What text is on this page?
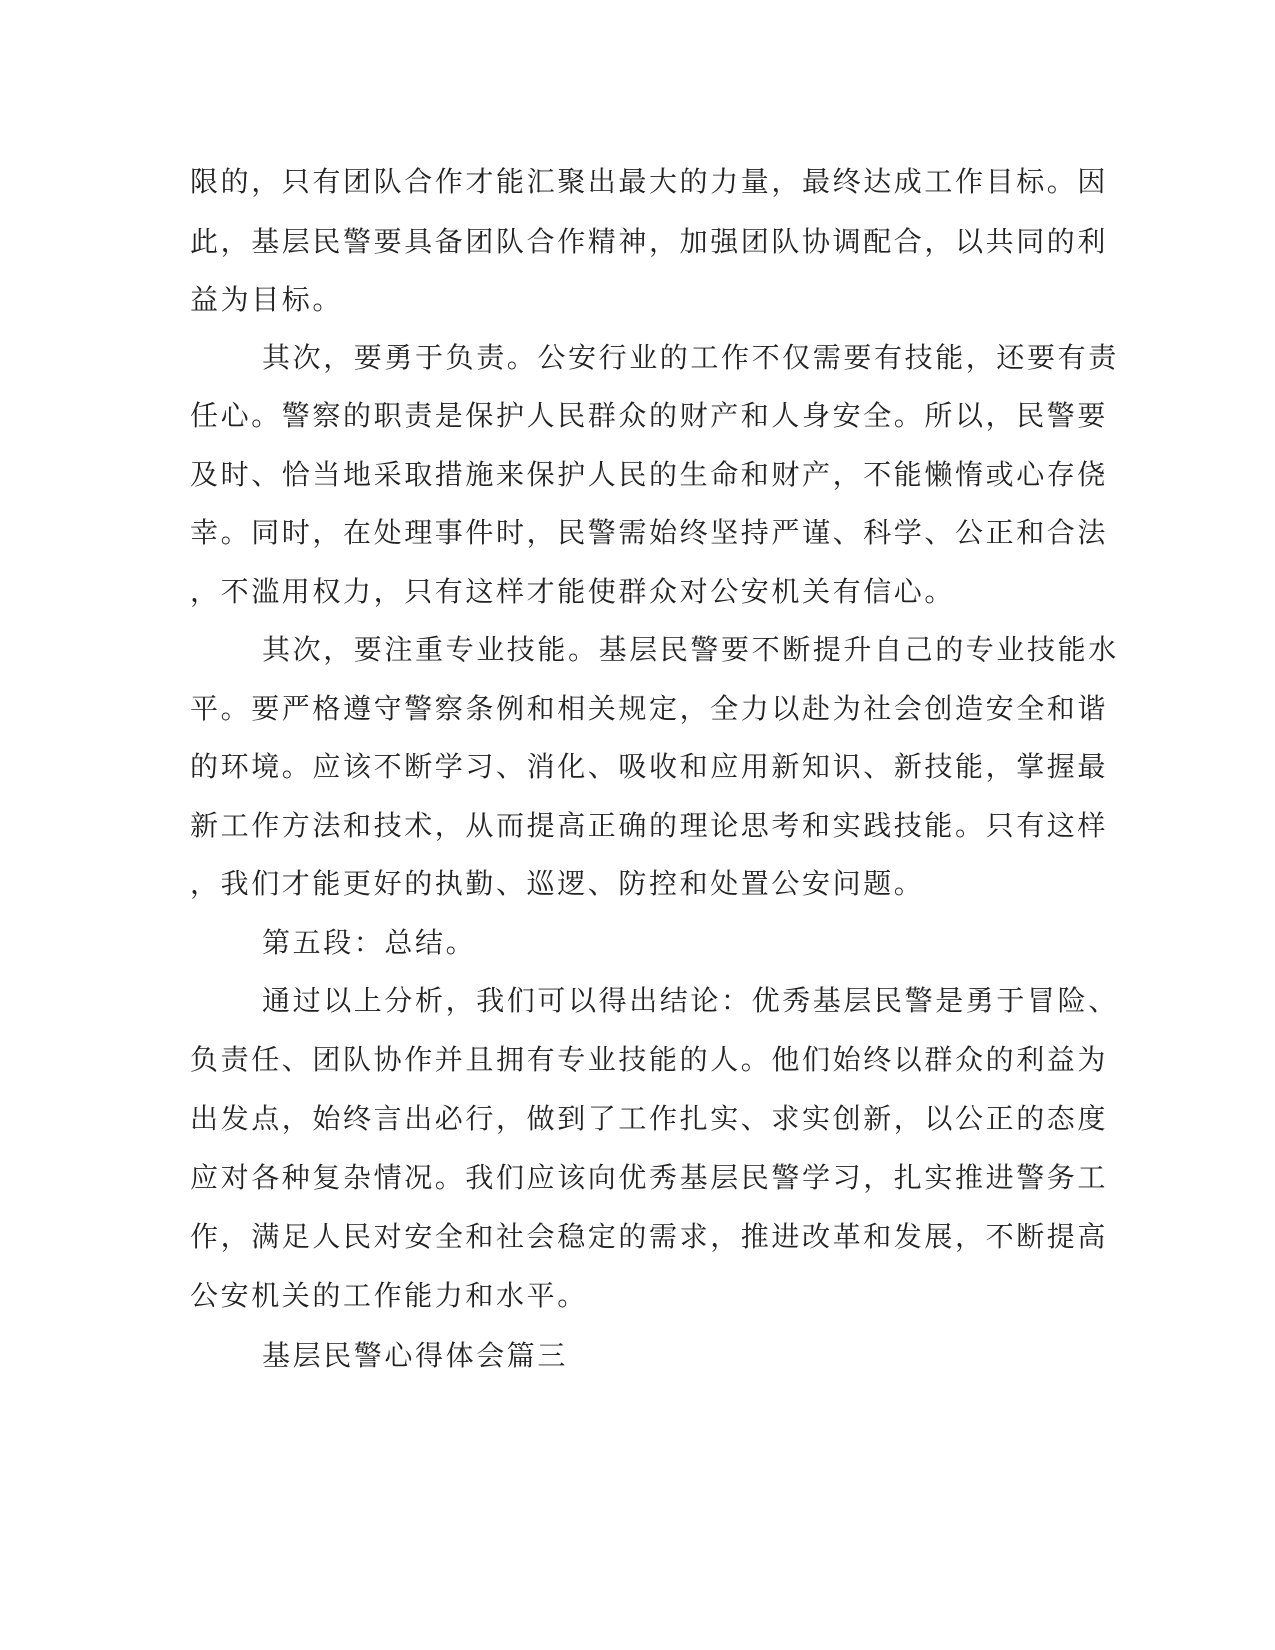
限的，只有团队合作才能汇聚出最大的力量，最终达成工作目标。因
此，基层民警要具备团队合作精神，加强团队协调配合，以共同的利
益为目标。
其次，要勇于负责。公安行业的工作不仅需要有技能，还要有责
任心。警察的职责是保护人民群众的财产和人身安全。所以，民警要
及时、恰当地采取措施来保护人民的生命和财产，不能懒惰或心存侥
幸。同时，在处理事件时，民警需始终坚持严谨、科学、公正和合法
，不滥用权力，只有这样才能使群众对公安机关有信心。
其次，要注重专业技能。基层民警要不断提升自己的专业技能水
平。要严格遵守警察条例和相关规定，全力以赴为社会创造安全和谐
的环境。应该不断学习、消化、吸收和应用新知识、新技能，掌握最
新工作方法和技术，从而提高正确的理论思考和实践技能。只有这样
，我们才能更好的执勤、巡逻、防控和处置公安问题。
第五段：总结。
通过以上分析，我们可以得出结论：优秀基层民警是勇于冒险、
负责任、团队协作并且拥有专业技能的人。他们始终以群众的利益为
出发点，始终言出必行，做到了工作扎实、求实创新，以公正的态度
应对各种复杂情况。我们应该向优秀基层民警学习，扎实推进警务工
作，满足人民对安全和社会稳定的需求，推进改革和发展，不断提高
公安机关的工作能力和水平。
基层民警心得体会篇三
